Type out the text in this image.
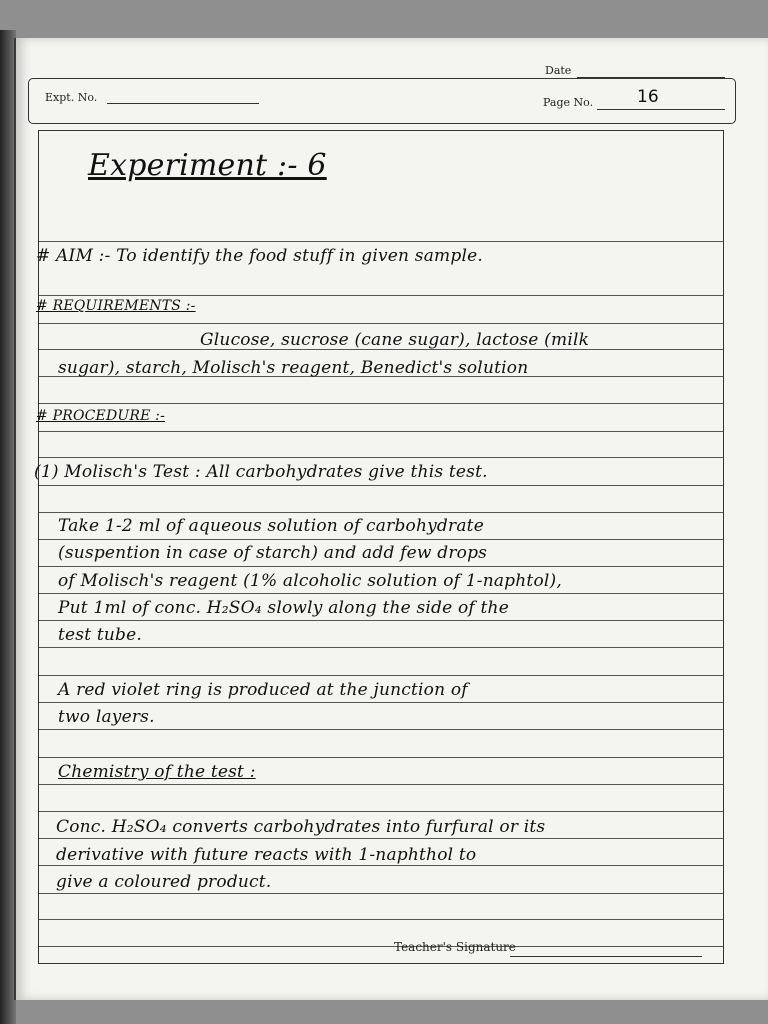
Date
Expt. No.	Page No.	16
Teacher's Signature
Experiment :- 6
# AIM :- To identify the food stuff in given sample.
# REQUIREMENTS :-
Glucose, sucrose (cane sugar), lactose (milk
sugar), starch, Molisch's reagent, Benedict's solution
# PROCEDURE :-
(1) Molisch's Test : All carbohydrates give this test.
Take 1-2 ml of aqueous solution of carbohydrate
(suspention in case of starch) and add few drops
of Molisch's reagent (1% alcoholic solution of 1-naphtol),
Put 1ml of conc. H₂SO₄ slowly along the side of the
test tube.
A red violet ring is produced at the junction of
two layers.
Chemistry of the test :
Conc. H₂SO₄ converts carbohydrates into furfural or its
derivative with future reacts with 1-naphthol to
give a coloured product.
